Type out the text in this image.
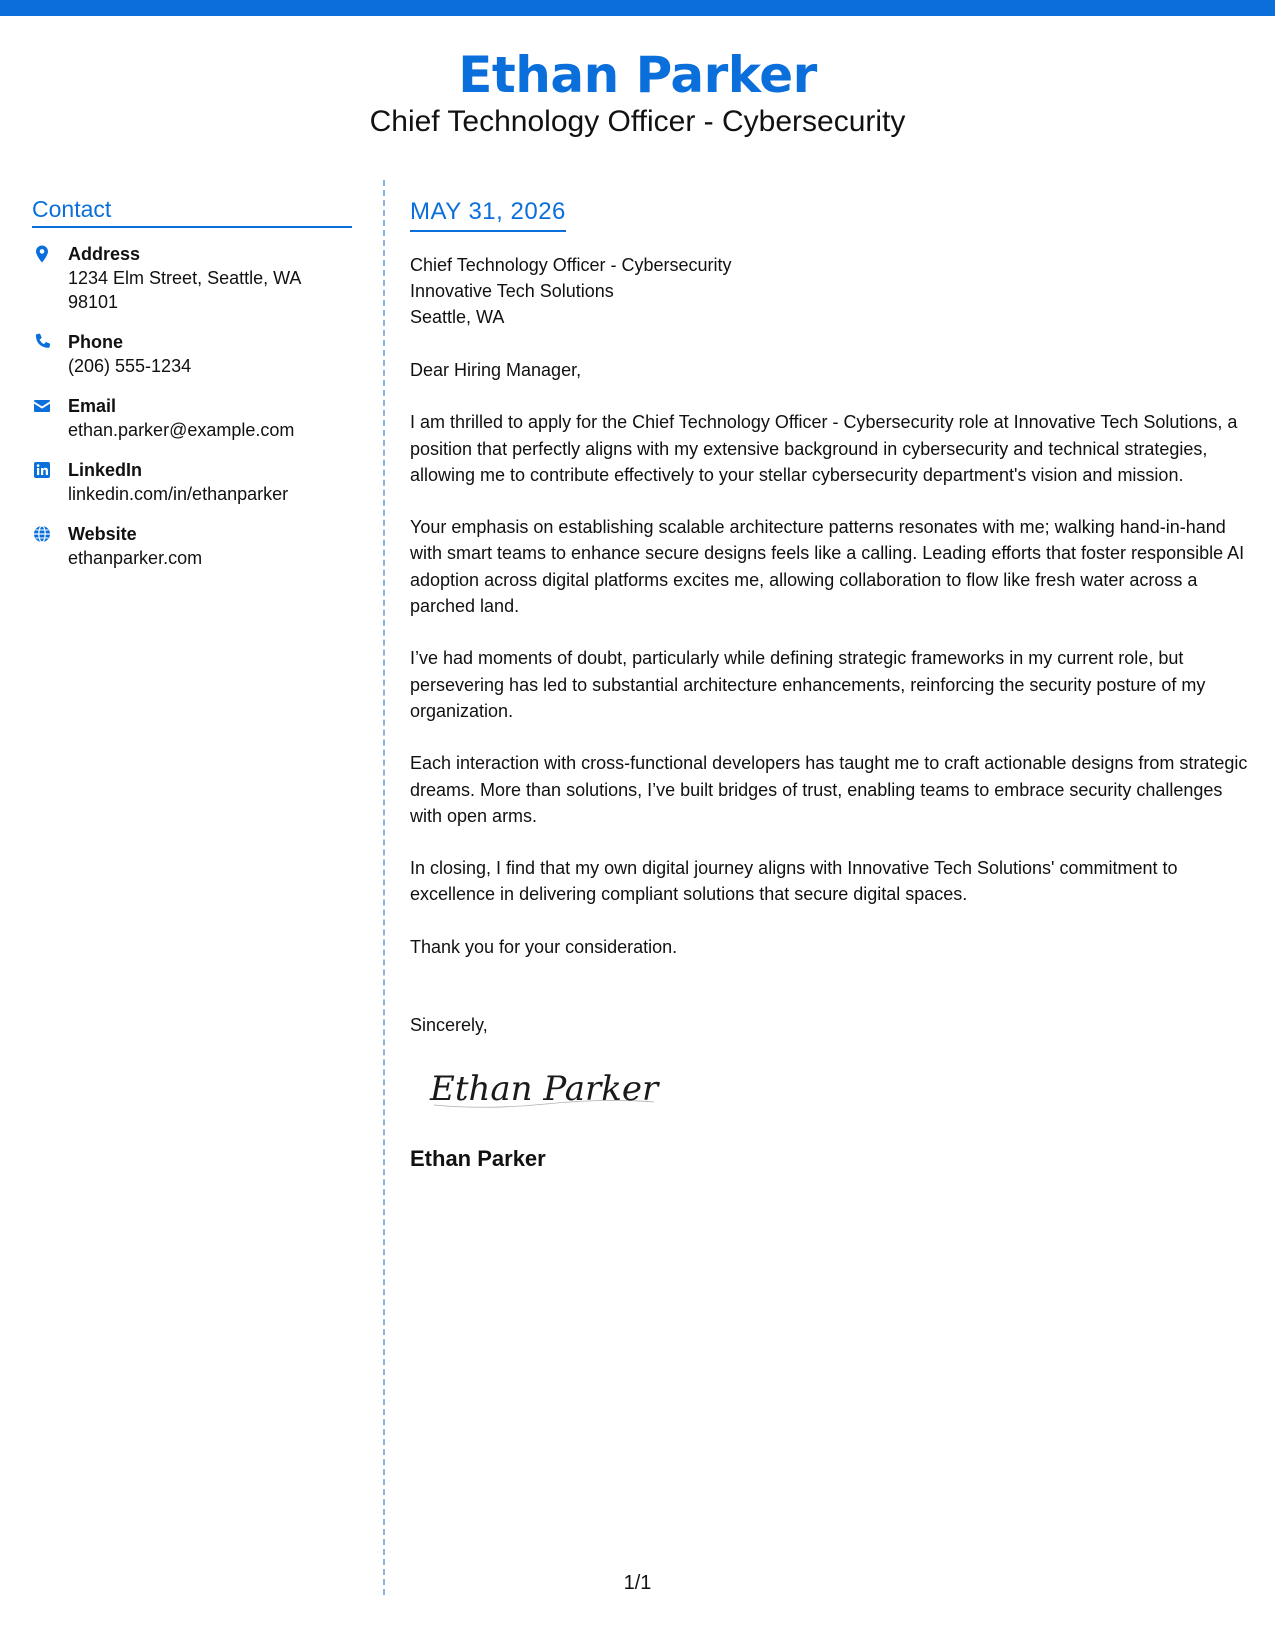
Ethan Parker
Chief Technology Officer - Cybersecurity
Contact
Address
1234 Elm Street, Seattle, WA 98101
Phone
(206) 555-1234
Email
ethan.parker@example.com
LinkedIn
linkedin.com/in/ethanparker
Website
ethanparker.com
MAY 31, 2026
Chief Technology Officer - Cybersecurity
Innovative Tech Solutions
Seattle, WA

Dear Hiring Manager,

I am thrilled to apply for the Chief Technology Officer - Cybersecurity role at Innovative Tech Solutions, a position that perfectly aligns with my extensive background in cybersecurity and technical strategies, allowing me to contribute effectively to your stellar cybersecurity department's vision and mission.

Your emphasis on establishing scalable architecture patterns resonates with me; walking hand-in-hand with smart teams to enhance secure designs feels like a calling. Leading efforts that foster responsible AI adoption across digital platforms excites me, allowing collaboration to flow like fresh water across a parched land.

I’ve had moments of doubt, particularly while defining strategic frameworks in my current role, but persevering has led to substantial architecture enhancements, reinforcing the security posture of my organization.

Each interaction with cross-functional developers has taught me to craft actionable designs from strategic dreams. More than solutions, I’ve built bridges of trust, enabling teams to embrace security challenges with open arms.

In closing, I find that my own digital journey aligns with Innovative Tech Solutions' commitment to excellence in delivering compliant solutions that secure digital spaces.

Thank you for your consideration.

Sincerely,
Ethan Parker
Ethan Parker
1/1
